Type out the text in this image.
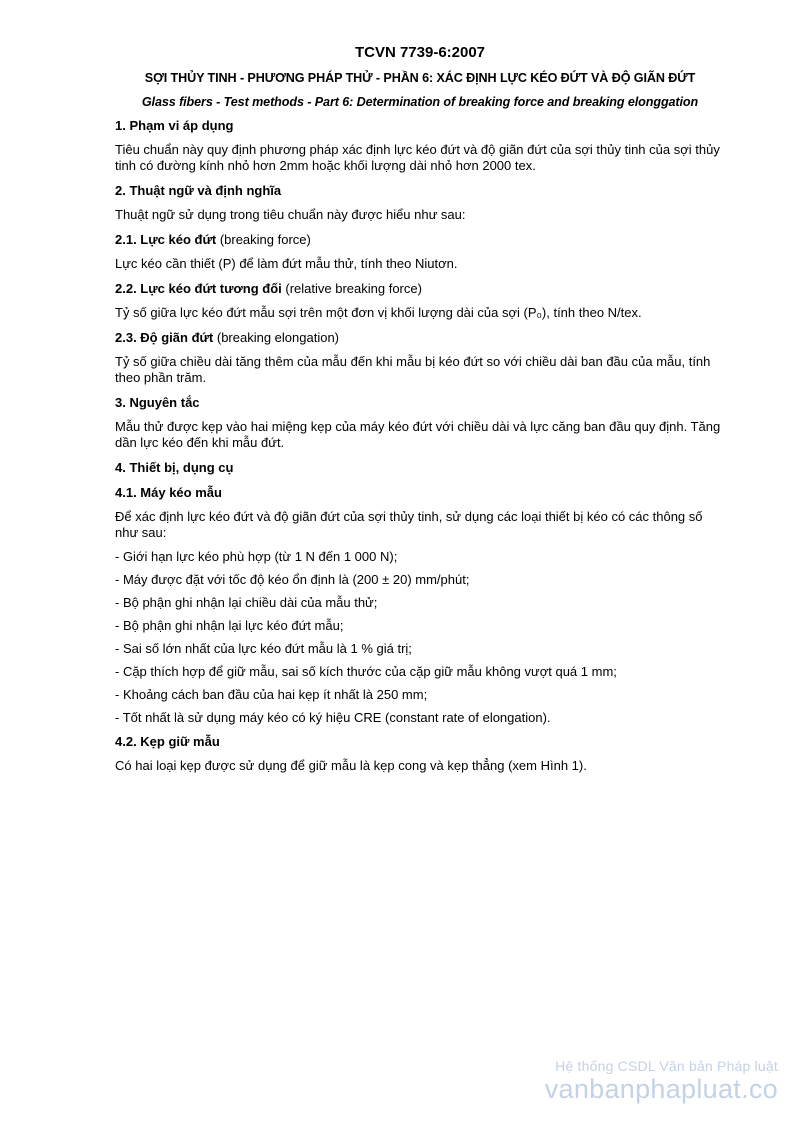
TCVN 7739-6:2007
SỢI THỦY TINH - PHƯƠNG PHÁP THỬ - PHẦN 6: XÁC ĐỊNH LỰC KÉO ĐỨT VÀ ĐỘ GIÃN ĐỨT
Glass fibers - Test methods - Part 6: Determination of breaking force and breaking elonggation
1. Phạm vi áp dụng
Tiêu chuẩn này quy định phương pháp xác định lực kéo đứt và độ giãn đứt của sợi thủy tinh của sợi thủy tinh có đường kính nhỏ hơn 2mm hoặc khối lượng dài nhỏ hơn 2000 tex.
2. Thuật ngữ và định nghĩa
Thuật ngữ sử dụng trong tiêu chuẩn này được hiểu như sau:
2.1. Lực kéo đứt (breaking force)
Lực kéo cần thiết (P) để làm đứt mẫu thử, tính theo Niutơn.
2.2. Lực kéo đứt tương đối (relative breaking force)
Tỷ số giữa lực kéo đứt mẫu sợi trên một đơn vị khối lượng dài của sợi (P₀), tính theo N/tex.
2.3. Độ giãn đứt (breaking elongation)
Tỷ số giữa chiều dài tăng thêm của mẫu đến khi mẫu bị kéo đứt so với chiều dài ban đầu của mẫu, tính theo phần trăm.
3. Nguyên tắc
Mẫu thử được kẹp vào hai miệng kẹp của máy kéo đứt với chiều dài và lực căng ban đầu quy định. Tăng dần lực kéo đến khi mẫu đứt.
4. Thiết bị, dụng cụ
4.1. Máy kéo mẫu
Để xác định lực kéo đứt và độ giãn đứt của sợi thủy tinh, sử dụng các loại thiết bị kéo có các thông số như sau:
- Giới hạn lực kéo phù hợp (từ 1 N đến 1 000 N);
- Máy được đặt với tốc độ kéo ổn định là (200 ± 20) mm/phút;
- Bộ phận ghi nhận lại chiều dài của mẫu thử;
- Bộ phận ghi nhận lại lực kéo đứt mẫu;
- Sai số lớn nhất của lực kéo đứt mẫu là 1 % giá trị;
- Cặp thích hợp để giữ mẫu, sai số kích thước của cặp giữ mẫu không vượt quá 1 mm;
- Khoảng cách ban đầu của hai kẹp ít nhất là 250 mm;
- Tốt nhất là sử dụng máy kéo có ký hiệu CRE (constant rate of elongation).
4.2. Kẹp giữ mẫu
Có hai loại kẹp được sử dụng để giữ mẫu là kẹp cong và kẹp thẳng (xem Hình 1).
Hệ thống CSDL Văn bản Pháp luật
vanbanphapluat.co
